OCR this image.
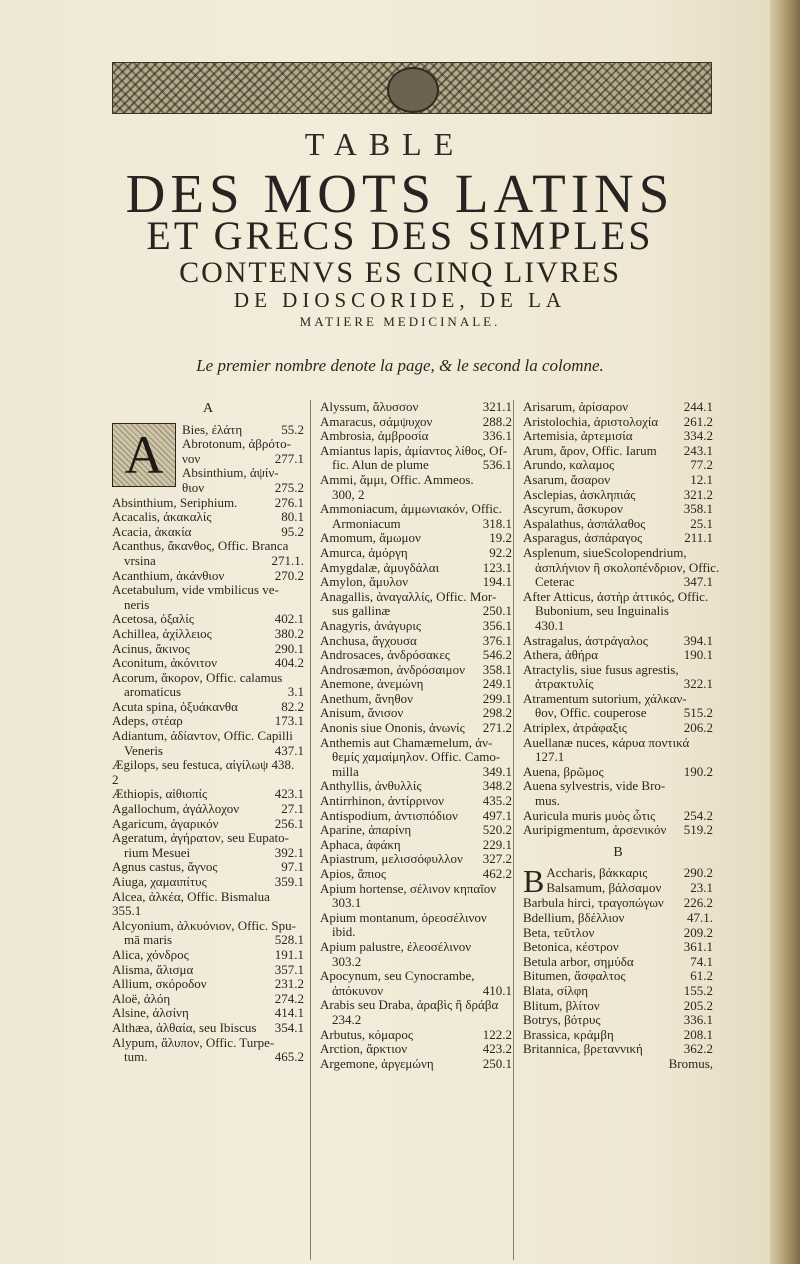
TABLE
DES MOTS LATINS
ET GRECS DES SIMPLES
CONTENVS ES CINQ LIVRES
DE DIOSCORIDE, DE LA
MATIERE MEDICINALE.
Le premier nombre denote la page, & le second la colomne.
A
A	Bies, ἐλάτη	55.2
Abrotonum, ἀβρότο-
νον	277.1
Absinthium, ἀψίν-
θιον	275.2
Absinthium, Seriphium.	276.1
Acacalis, ἀκακαλίς	80.1
Acacia, ἀκακία	95.2
Acanthus, ἄκανθος, Offic. Branca
vrsina	271.1.
Acanthium, ἀκάνθιον	270.2
Acetabulum, vide vmbilicus ve-
neris
Acetosa, ὀξαλίς	402.1
Achillea, ἀχίλλειος	380.2
Acinus, ἄκινος	290.1
Aconitum, ἀκόνιτον	404.2
Acorum, ἄκορον, Offic. calamus
aromaticus	3.1
Acuta spina, ὀξυάκανθα	82.2
Adeps, στέαρ	173.1
Adiantum, ἀδίαντον, Offic. Capilli
Veneris	437.1
Ægilops, seu festuca, αἰγίλωψ 438.
2
Æthiopis, αἰθιοπίς	423.1
Agallochum, ἀγάλλοχον	27.1
Agaricum, ἀγαρικόν	256.1
Ageratum, ἀγήρατον, seu Eupato-
rium Mesuei	392.1
Agnus castus, ἄγνος	97.1
Aiuga, χαμαιπίτυς	359.1
Alcea, ἀλκέα, Offic. Bismalua
355.1
Alcyonium, ἀλκυόνιον, Offic. Spu-
mā maris	528.1
Alica, χόνδρος	191.1
Alisma, ἄλισμα	357.1
Allium, σκόροδον	231.2
Aloë, ἀλόη	274.2
Alsine, ἀλσίνη	414.1
Althæa, ἀλθαία, seu Ibiscus	354.1
Alypum, ἄλυπον, Offic. Turpe-
tum.	465.2
Alyssum, ἄλυσσον	321.1
Amaracus, σάμψυχον	288.2
Ambrosia, ἀμβροσία	336.1
Amiantus lapis, ἀμίαντος λίθος, Of-
fic. Alun de plume	536.1
Ammi, ἄμμι, Offic. Ammeos.
300, 2
Ammoniacum, ἀμμωνιακόν, Offic.
Armoniacum	318.1
Amomum, ἄμωμον	19.2
Amurca, ἀμόργη	92.2
Amygdalæ, ἀμυγδάλαι	123.1
Amylon, ἄμυλον	194.1
Anagallis, ἀναγαλλίς, Offic. Mor-
sus gallinæ	250.1
Anagyris, ἀνάγυρις	356.1
Anchusa, ἄγχουσα	376.1
Androsaces, ἀνδρόσακες	546.2
Androsæmon, ἀνδρόσαιμον	358.1
Anemone, ἀνεμώνη	249.1
Anethum, ἄνηθον	299.1
Anisum, ἄνισον	298.2
Anonis siue Ononis, ἀνωνίς	271.2
Anthemis aut Chamæmelum, ἀν-
θεμίς χαμαίμηλον. Offic. Camo-
milla	349.1
Anthyllis, ἀνθυλλίς	348.2
Antirrhinon, ἀντίρρινον	435.2
Antispodium, ἀντισπόδιον	497.1
Aparine, ἀπαρίνη	520.2
Aphaca, ἀφάκη	229.1
Apiastrum, μελισσόφυλλον	327.2
Apios, ἄπιος	462.2
Apium hortense, σέλινον κηπαῖον
303.1
Apium montanum, ὀρεοσέλινον
ibid.
Apium palustre, ἐλεοσέλινον
303.2
Apocynum, seu Cynocrambe,
ἀπόκυνον	410.1
Arabis seu Draba, ἀραβὶς ἢ δράβα
234.2
Arbutus, κόμαρος	122.2
Arction, ἄρκτιον	423.2
Argemone, ἀργεμώνη	250.1
Arisarum, ἀρίσαρον	244.1
Aristolochia, ἀριστολοχία	261.2
Artemisia, ἀρτεμισία	334.2
Arum, ἄρον, Offic. Iarum	243.1
Arundo, καλαμος	77.2
Asarum, ἄσαρον	12.1
Asclepias, ἀσκληπιάς	321.2
Ascyrum, ἄσκυρον	358.1
Aspalathus, ἀσπάλαθος	25.1
Asparagus, ἀσπάραγος	211.1
Asplenum, siueScolopendrium,
ἀσπλήνιον ἢ σκολοπένδριον, Offic.
Ceterac	347.1
After Atticus, ἀστὴρ ἀττικός, Offic.
Bubonium, seu Inguinalis
430.1
Astragalus, ἀστράγαλος	394.1
Athera, ἀθήρα	190.1
Atractylis, siue fusus agrestis,
ἀτρακτυλίς	322.1
Atramentum sutorium, χάλκαν-
θον, Offic. couperose	515.2
Atriplex, ἀτράφαξις	206.2
Auellanæ nuces, κάρυα ποντικά
127.1
Auena, βρῶμος	190.2
Auena sylvestris, vide Bro-
mus.
Auricula muris μυὸς ὦτις	254.2
Auripigmentum, ἀρσενικόν	519.2
B
B Accharis, βάκκαρις	290.2
Balsamum, βάλσαμον	23.1
Barbula hirci, τραγοπώγων	226.2
Bdellium, βδέλλιον	47.1.
Beta, τεῦτλον	209.2
Betonica, κέστρον	361.1
Betula arbor, σημύδα	74.1
Bitumen, ἄσφαλτος	61.2
Blata, σίλφη	155.2
Blitum, βλίτον	205.2
Botrys, βότρυς	336.1
Brassica, κράμβη	208.1
Britannica, βρεταννική	362.2
Bromus,
